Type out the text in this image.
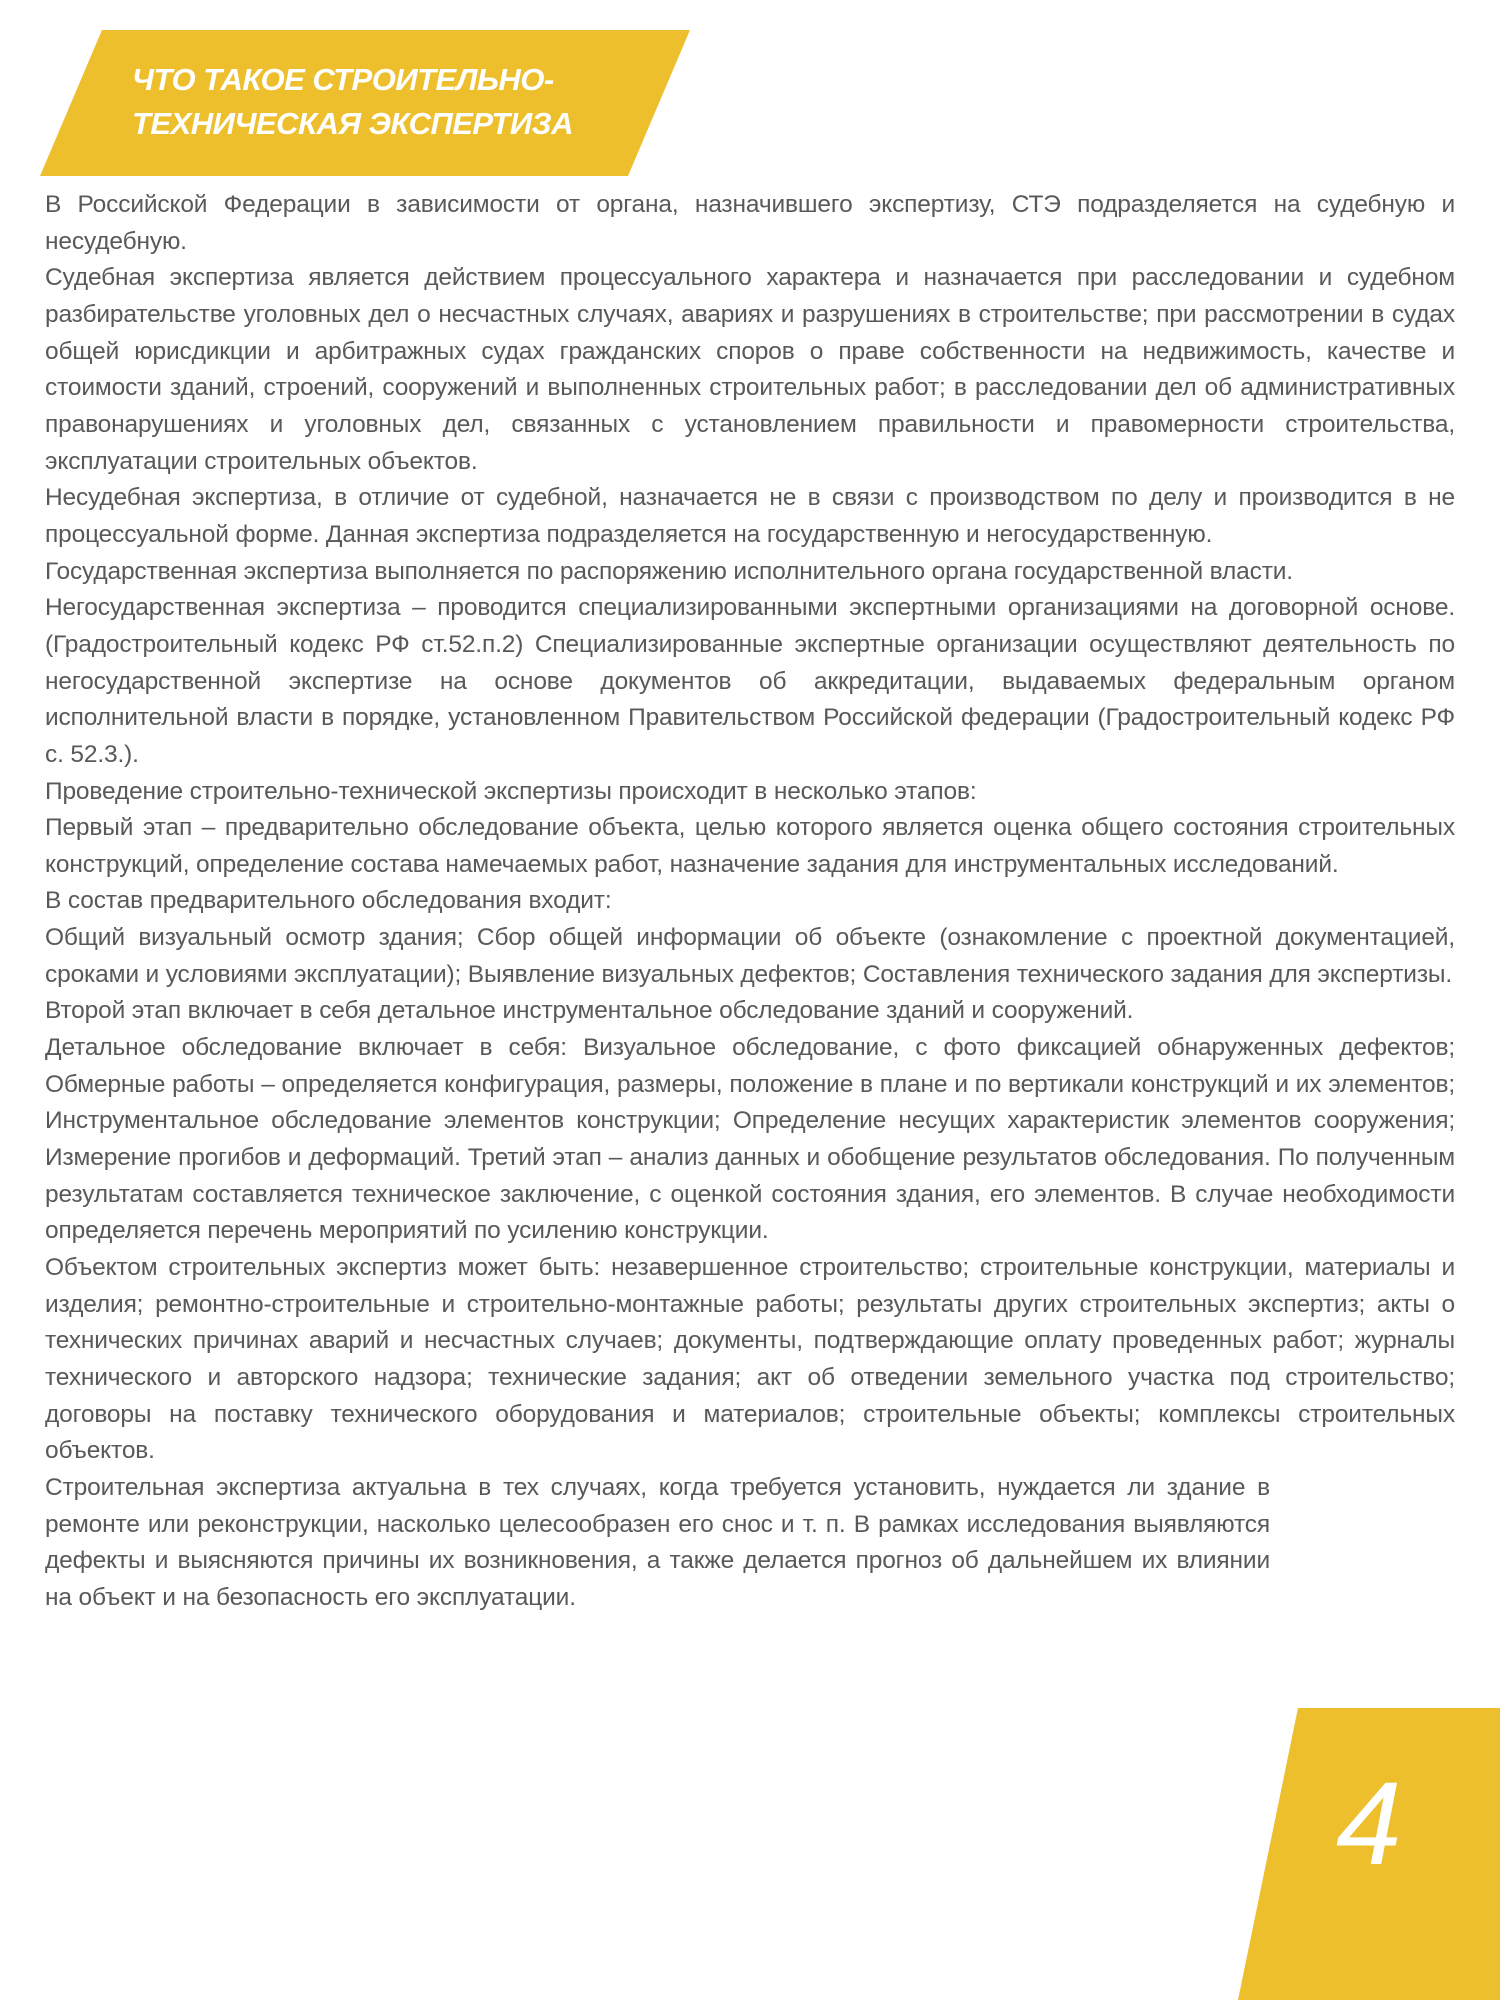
ЧТО ТАКОЕ СТРОИТЕЛЬНО-
ТЕХНИЧЕСКАЯ ЭКСПЕРТИЗА

В Российской Федерации в зависимости от органа, назначившего экспертизу, СТЭ подразделяется на судебную и несудебную.

Судебная экспертиза является действием процессуального характера и назначается при расследовании и судебном разбирательстве уголовных дел о несчастных случаях, авариях и разрушениях в строительстве; при рассмотрении в судах общей юрисдикции и арбитражных судах гражданских споров о праве собственности на недвижимость, качестве и стоимости зданий, строений, сооружений и выполненных строительных работ; в расследовании дел об административных правонарушениях и уголовных дел, связанных с установлением правильности и правомерности строительства, эксплуатации строительных объектов.

Несудебная экспертиза, в отличие от судебной, назначается не в связи с производством по делу и производится в не процессуальной форме. Данная экспертиза подразделяется на государственную и негосударственную.

Государственная экспертиза выполняется по распоряжению исполнительного органа государственной власти.

Негосударственная экспертиза – проводится специализированными экспертными организациями на договорной основе. (Градостроительный кодекс РФ ст.52.п.2) Специализированные экспертные организации осуществляют деятельность по негосударственной экспертизе на основе документов об аккредитации, выдаваемых федеральным органом исполнительной власти в порядке, установленном Правительством Российской федерации (Градостроительный кодекс РФ с. 52.3.).

Проведение строительно-технической экспертизы происходит в несколько этапов:

Первый этап – предварительно обследование объекта, целью которого является оценка общего состояния строительных конструкций, определение состава намечаемых работ, назначение задания для инструментальных исследований.

В состав предварительного обследования входит:

Общий визуальный осмотр здания; Сбор общей информации об объекте (ознакомление с проектной документацией, сроками и условиями эксплуатации); Выявление визуальных дефектов; Составления технического задания для экспертизы.

Второй этап включает в себя детальное инструментальное обследование зданий и сооружений.

Детальное обследование включает в себя: Визуальное обследование, с фото фиксацией обнаруженных дефектов; Обмерные работы – определяется конфигурация, размеры, положение в плане и по вертикали конструкций и их элементов; Инструментальное обследование элементов конструкции; Определение несущих характеристик элементов сооружения; Измерение прогибов и деформаций. Третий этап – анализ данных и обобщение результатов обследования. По полученным результатам составляется техническое заключение, с оценкой состояния здания, его элементов. В случае необходимости определяется перечень мероприятий по усилению конструкции.

Объектом строительных экспертиз может быть: незавершенное строительство; строительные конструкции, материалы и изделия; ремонтно-строительные и строительно-монтажные работы; результаты других строительных экспертиз; акты о технических причинах аварий и несчастных случаев; документы, подтверждающие оплату проведенных работ; журналы технического и авторского надзора; технические задания; акт об отведении земельного участка под строительство; договоры на поставку технического оборудования и материалов; строительные объекты; комплексы строительных объектов.

Строительная экспертиза актуальна в тех случаях, когда требуется установить, нуждается ли здание в ремонте или реконструкции, насколько целесообразен его снос и т. п. В рамках исследования выявляются дефекты и выясняются причины их возникновения, а также делается прогноз об дальнейшем их влиянии на объект и на безопасность его эксплуатации.

4
